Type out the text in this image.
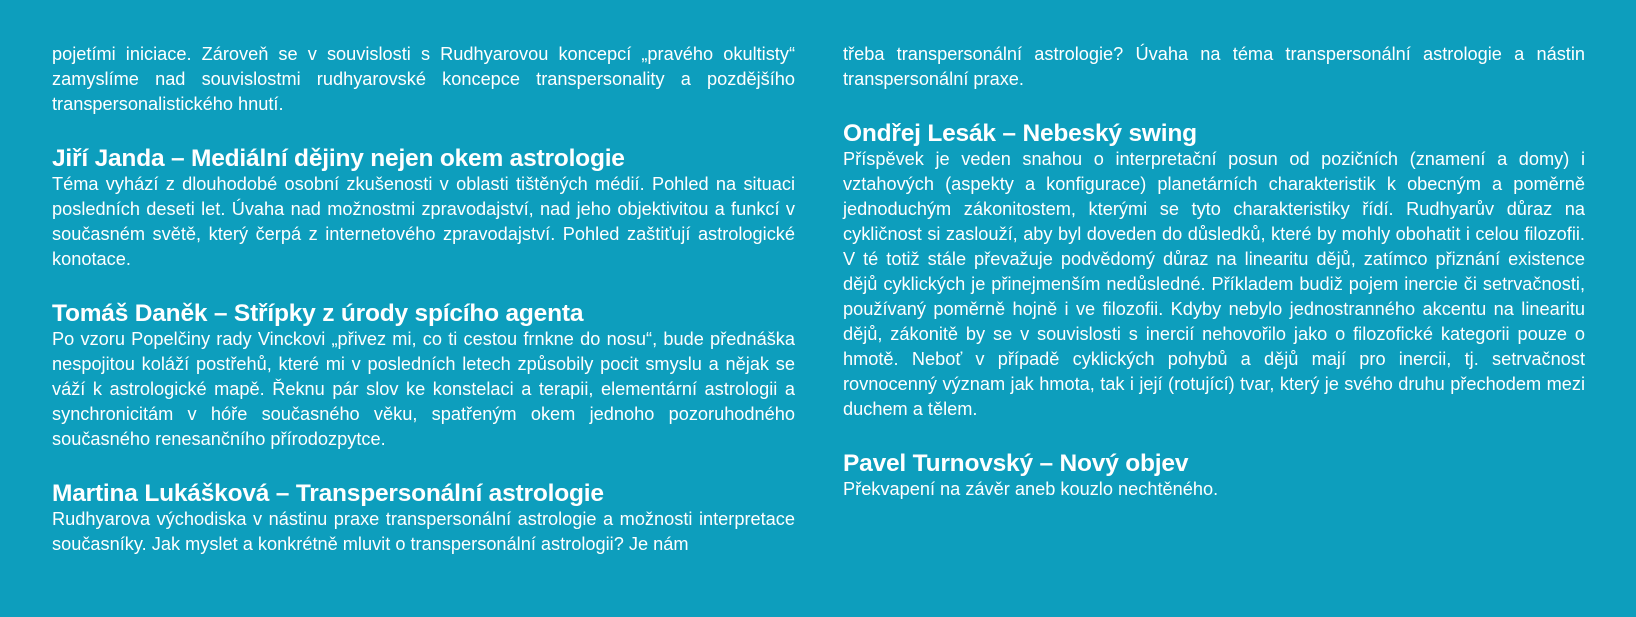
pojetími iniciace. Zároveň se v souvislosti s Rudhyarovou koncepcí „pravého okultisty“ zamyslíme nad souvislostmi rudhyarovské koncepce transpersonality a pozdějšího transpersonalistického hnutí.

Jiří Janda – Mediální dějiny nejen okem astrologie

Téma vyhází z dlouhodobé osobní zkušenosti v oblasti tištěných médií. Pohled na situaci posledních deseti let. Úvaha nad možnostmi zpravodajství, nad jeho objektivitou a funkcí v současném světě, který čerpá z internetového zpravodajství. Pohled zaštiťují astrologické konotace.

Tomáš Daněk – Střípky z úrody spícího agenta

Po vzoru Popelčiny rady Vinckovi „přivez mi, co ti cestou frnkne do nosu“, bude přednáška nespojitou koláží postřehů, které mi v posledních letech způsobily pocit smyslu a nějak se váží k astrologické mapě. Řeknu pár slov ke konstelaci a terapii, elementární astrologii a synchronicitám v hóře současného věku, spatřeným okem jednoho pozoruhodného současného renesančního přírodozpytce.

Martina Lukášková – Transpersonální astrologie

Rudhyarova východiska v nástinu praxe transpersonální astrologie a možnosti interpretace současníky. Jak myslet a konkrétně mluvit o transpersonální astrologii? Je nám

třeba transpersonální astrologie? Úvaha na téma transpersonální astrologie a nástin transpersonální praxe.

Ondřej Lesák – Nebeský swing

Příspěvek je veden snahou o interpretační posun od pozičních (znamení a domy) i vztahových (aspekty a konfigurace) planetárních charakteristik k obecným a poměrně jednoduchým zákonitostem, kterými se tyto charakteristiky řídí. Rudhyarův důraz na cykličnost si zaslouží, aby byl doveden do důsledků, které by mohly obohatit i celou filozofii. V té totiž stále převažuje podvědomý důraz na linearitu dějů, zatímco přiznání existence dějů cyklických je přinejmenším nedůsledné. Příkladem budiž pojem inercie či setrvačnosti, používaný poměrně hojně i ve filozofii. Kdyby nebylo jednostranného akcentu na linearitu dějů, zákonitě by se v souvislosti s inercií nehovořilo jako o filozofické kategorii pouze o hmotě. Neboť v případě cyklických pohybů a dějů mají pro inercii, tj. setrvačnost rovnocenný význam jak hmota, tak i její (rotující) tvar, který je svého druhu přechodem mezi duchem a tělem.

Pavel Turnovský – Nový objev

Překvapení na závěr aneb kouzlo nechtěného.
